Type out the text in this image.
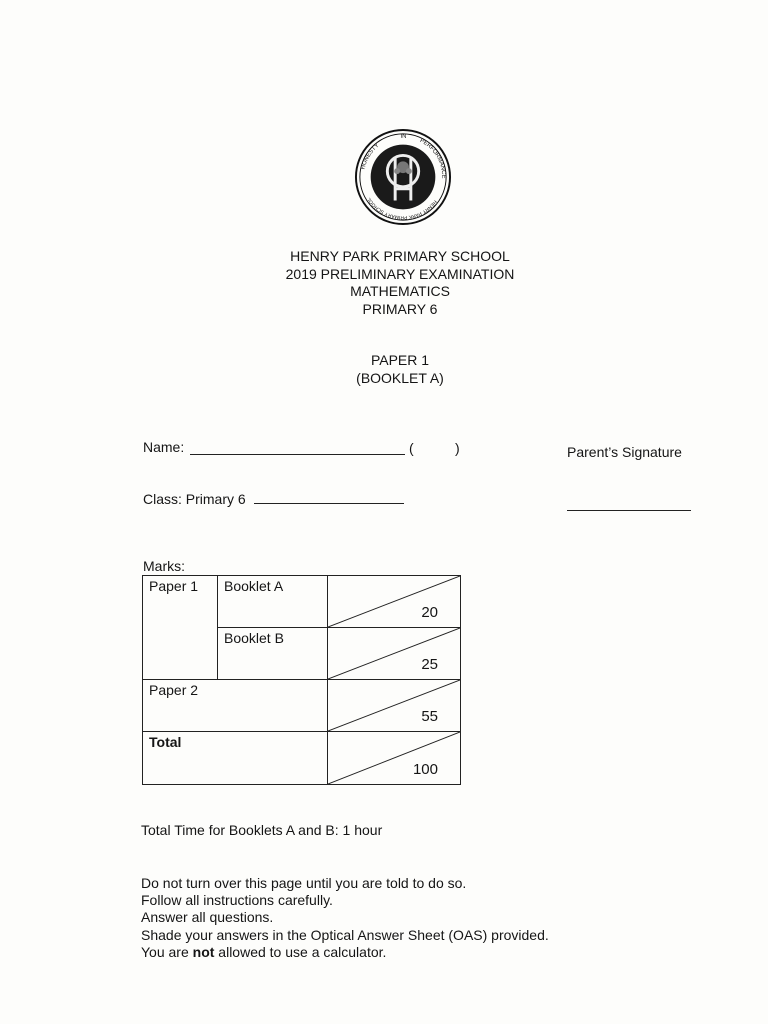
HONESTY
IN
PERFORMANCE
HENRY PARK PRIMARY SCHOOL
HENRY PARK PRIMARY SCHOOL
2019 PRELIMINARY EXAMINATION
MATHEMATICS
PRIMARY 6
PAPER 1
(BOOKLET A)
Name:	(	)	Parent’s Signature
Class: Primary 6
Marks:
Paper 1	Booklet A	20

	Booklet B	25

Paper 2		55

Total		100
Total Time for Booklets A and B: 1 hour
Do not turn over this page until you are told to do so.
Follow all instructions carefully.
Answer all questions.
Shade your answers in the Optical Answer Sheet (OAS) provided.
You are not allowed to use a calculator.
